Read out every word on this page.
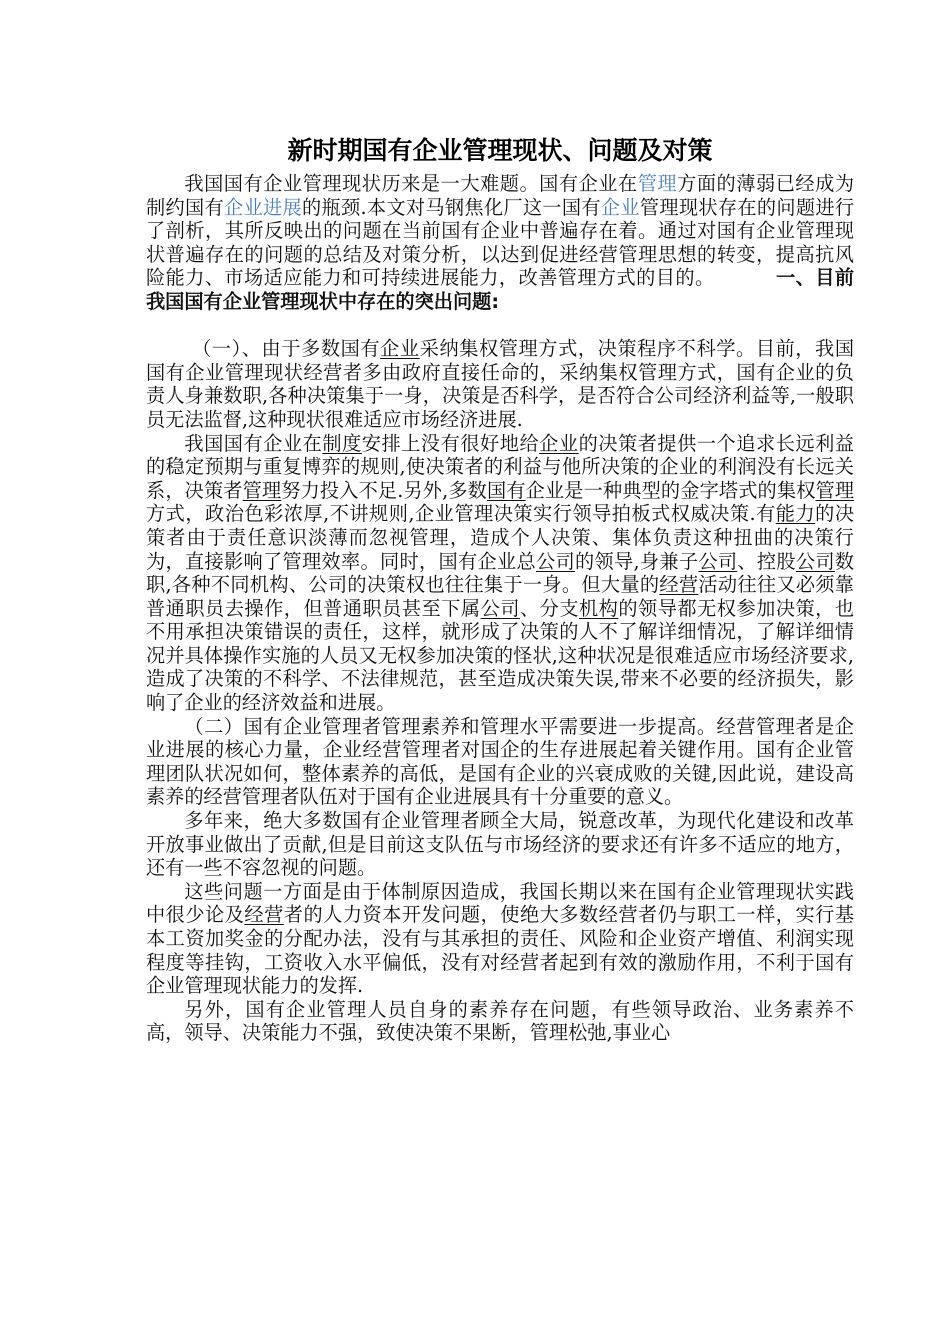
新时期国有企业管理现状、问题及对策

我国国有企业管理现状历来是一大难题。国有企业在管理方面的薄弱已经成为制约国有企业进展的瓶颈.本文对马钢焦化厂这一国有企业管理现状存在的问题进行了剖析，其所反映出的问题在当前国有企业中普遍存在着。通过对国有企业管理现状普遍存在的问题的总结及对策分析，以达到促进经营管理思想的转变，提高抗风险能力、市场适应能力和可持续进展能力，改善管理方式的目的。	一、目前我国国有企业管理现状中存在的突出问题:

（一）、由于多数国有企业采纳集权管理方式，决策程序不科学。目前，我国国有企业管理现状经营者多由政府直接任命的，采纳集权管理方式，国有企业的负责人身兼数职,各种决策集于一身，决策是否科学，是否符合公司经济利益等,一般职员无法监督,这种现状很难适应市场经济进展.

我国国有企业在制度安排上没有很好地给企业的决策者提供一个追求长远利益的稳定预期与重复博弈的规则,使决策者的利益与他所决策的企业的利润没有长远关系，决策者管理努力投入不足.另外,多数国有企业是一种典型的金字塔式的集权管理方式，政治色彩浓厚,不讲规则,企业管理决策实行领导拍板式权威决策.有能力的决策者由于责任意识淡薄而忽视管理，造成个人决策、集体负责这种扭曲的决策行为，直接影响了管理效率。同时，国有企业总公司的领导,身兼子公司、控股公司数职,各种不同机构、公司的决策权也往往集于一身。但大量的经营活动往往又必须靠普通职员去操作，但普通职员甚至下属公司、分支机构的领导都无权参加决策，也不用承担决策错误的责任，这样，就形成了决策的人不了解详细情况，了解详细情况并具体操作实施的人员又无权参加决策的怪状,这种状况是很难适应市场经济要求,造成了决策的不科学、不法律规范，甚至造成决策失误,带来不必要的经济损失，影响了企业的经济效益和进展。

（二）国有企业管理者管理素养和管理水平需要进一步提高。经营管理者是企业进展的核心力量，企业经营管理者对国企的生存进展起着关键作用。国有企业管理团队状况如何，整体素养的高低，是国有企业的兴衰成败的关键,因此说，建设高素养的经营管理者队伍对于国有企业进展具有十分重要的意义。

多年来，绝大多数国有企业管理者顾全大局，锐意改革，为现代化建设和改革开放事业做出了贡献,但是目前这支队伍与市场经济的要求还有许多不适应的地方，还有一些不容忽视的问题。

这些问题一方面是由于体制原因造成，我国长期以来在国有企业管理现状实践中很少论及经营者的人力资本开发问题，使绝大多数经营者仍与职工一样，实行基本工资加奖金的分配办法，没有与其承担的责任、风险和企业资产增值、利润实现程度等挂钩，工资收入水平偏低，没有对经营者起到有效的激励作用，不利于国有企业管理现状能力的发挥.

另外，国有企业管理人员自身的素养存在问题，有些领导政治、业务素养不高，领导、决策能力不强，致使决策不果断，管理松弛,事业心
